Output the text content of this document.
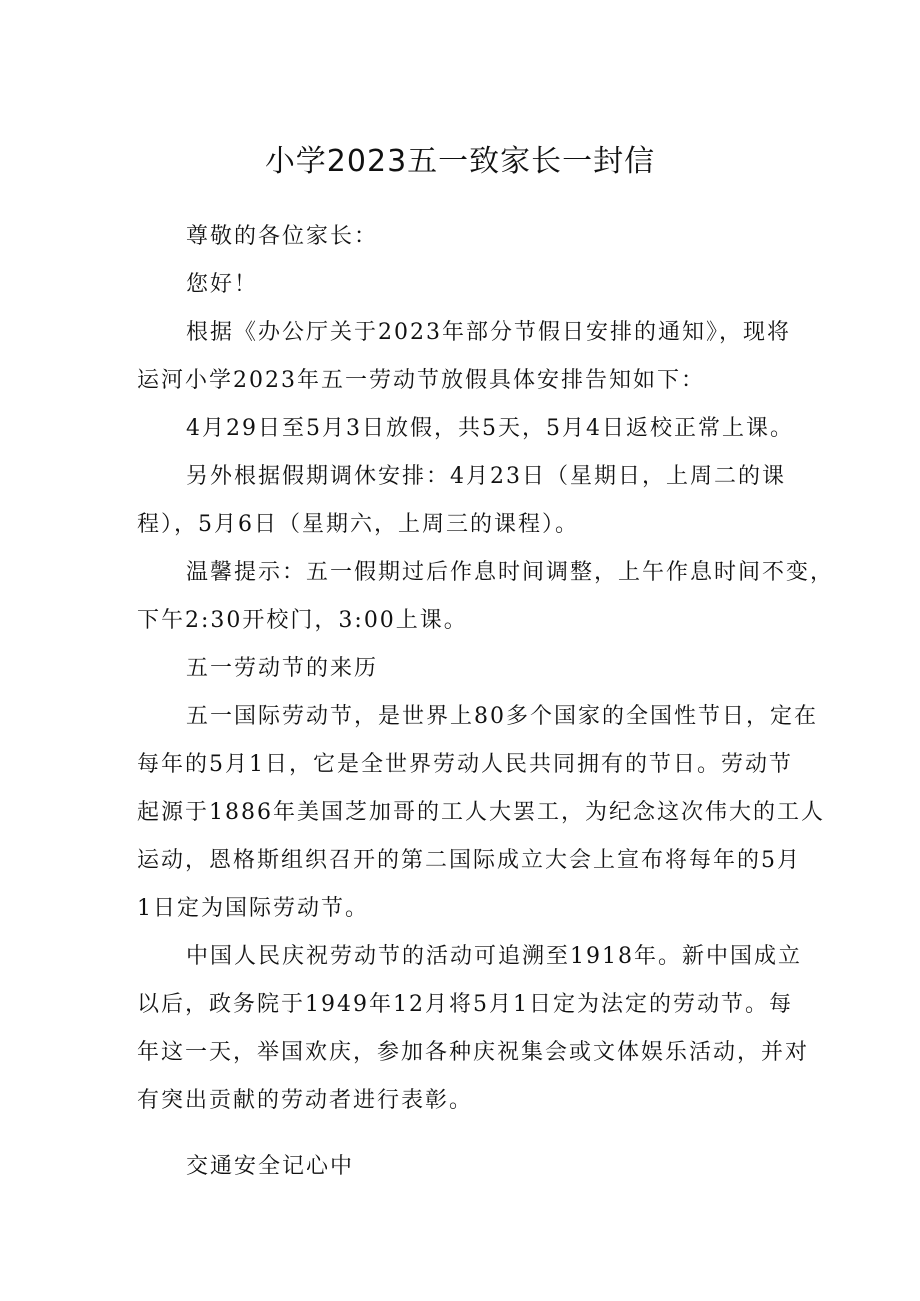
小学2023五一致家长一封信

尊敬的各位家长：

您好！

根据《办公厅关于2023年部分节假日安排的通知》，现将

运河小学2023年五一劳动节放假具体安排告知如下：

4月29日至5月3日放假，共5天，5月4日返校正常上课。

另外根据假期调休安排：4月23日（星期日，上周二的课

程），5月6日（星期六，上周三的课程）。

温馨提示：五一假期过后作息时间调整，上午作息时间不变，

下午2:30开校门，3:00上课。

五一劳动节的来历

五一国际劳动节，是世界上80多个国家的全国性节日，定在

每年的5月1日，它是全世界劳动人民共同拥有的节日。劳动节

起源于1886年美国芝加哥的工人大罢工，为纪念这次伟大的工人

运动，恩格斯组织召开的第二国际成立大会上宣布将每年的5月

1日定为国际劳动节。

中国人民庆祝劳动节的活动可追溯至1918年。新中国成立

以后，政务院于1949年12月将5月1日定为法定的劳动节。每

年这一天，举国欢庆，参加各种庆祝集会或文体娱乐活动，并对

有突出贡献的劳动者进行表彰。

交通安全记心中
